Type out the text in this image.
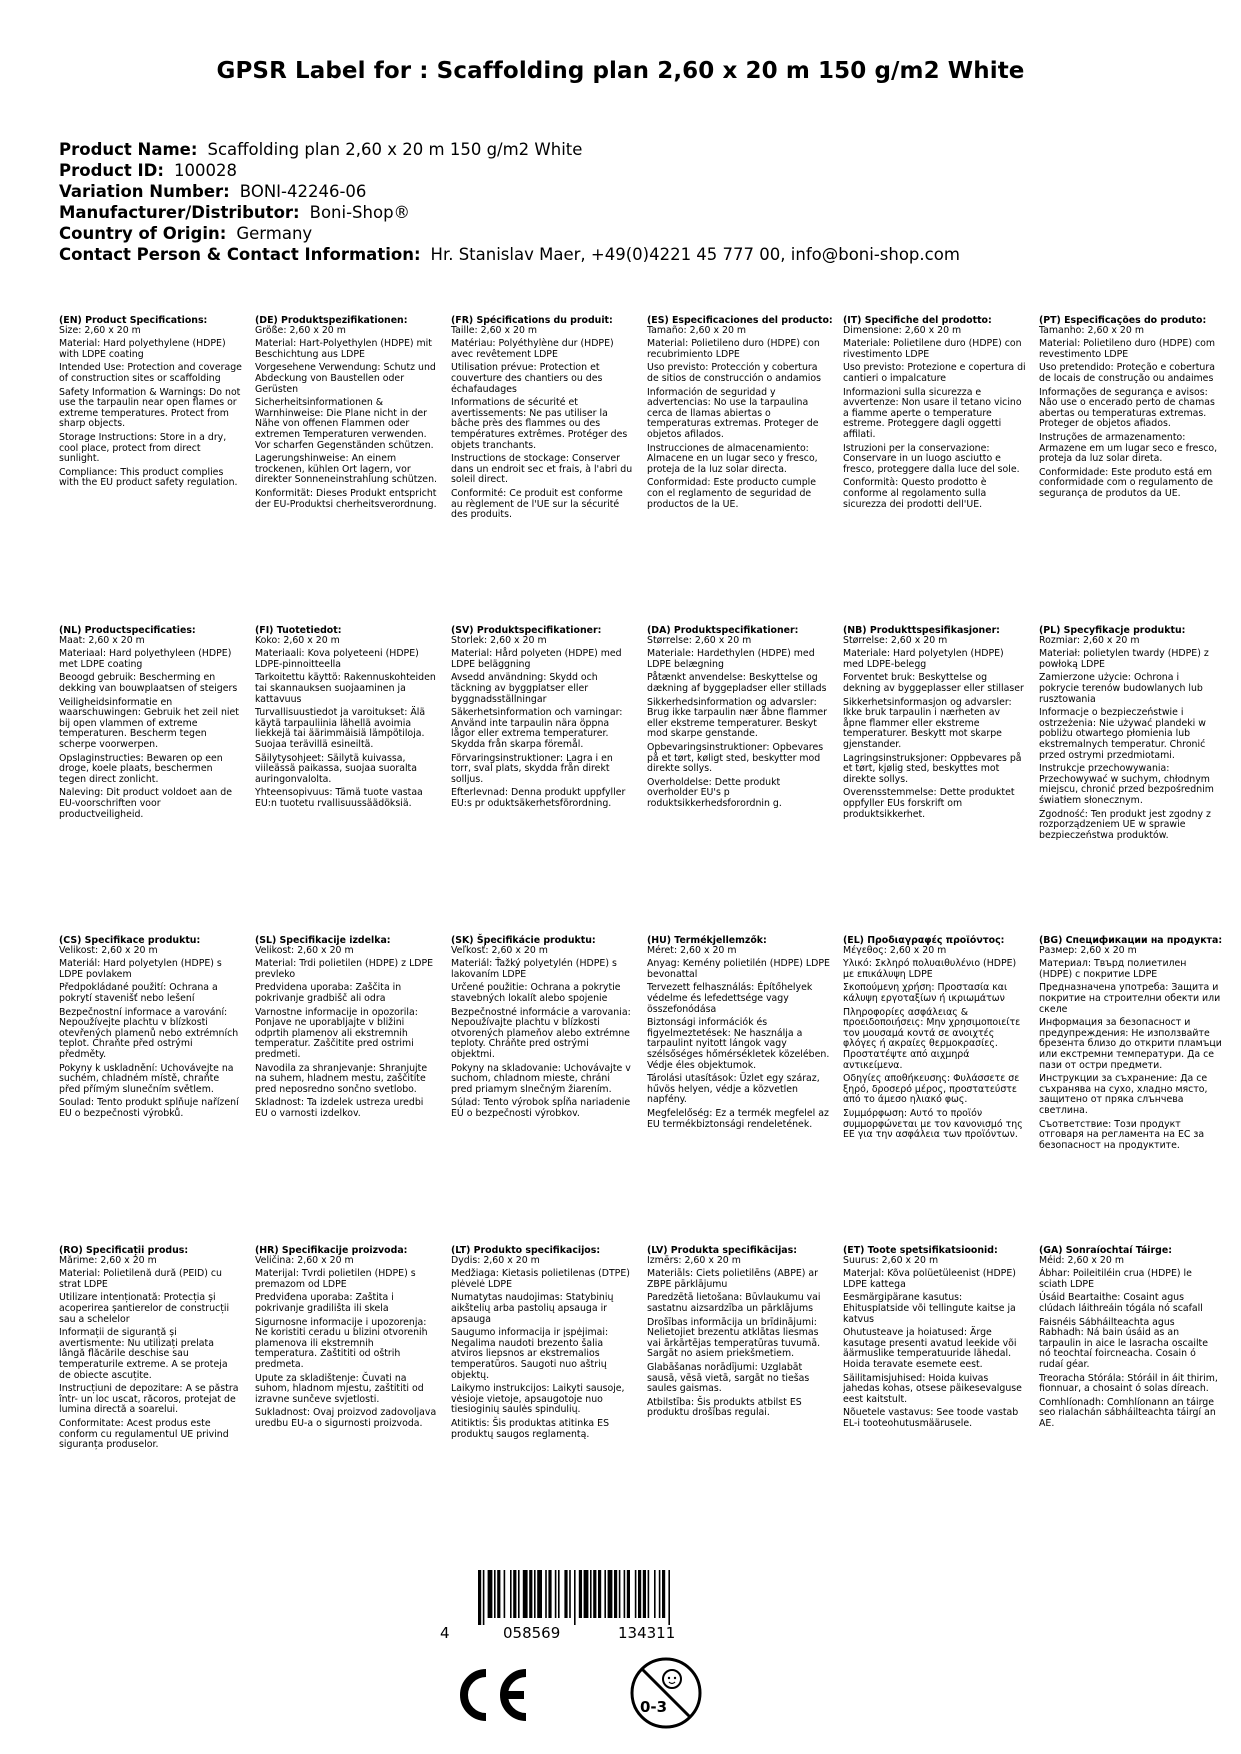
GPSR Label for : Scaffolding plan 2,60 x 20 m 150 g/m2 White
Product Name: Scaffolding plan 2,60 x 20 m 150 g/m2 White
Product ID: 100028
Variation Number: BONI-42246-06
Manufacturer/Distributor: Boni-Shop®
Country of Origin: Germany
Contact Person & Contact Information: Hr. Stanislav Maer, +49(0)4221 45 777 00, info@boni-shop.com
(EN) Product Specifications:

Size: 2,60 x 20 m

Material: Hard polyethylene (HDPE) with LDPE coating

Intended Use: Protection and coverage of construction sites or scaffolding

Safety Information & Warnings: Do not use the tarpaulin near open flames or extreme temperatures. Protect from sharp objects.

Storage Instructions: Store in a dry, cool place, protect from direct sunlight.

Compliance: This product complies with the EU product safety regulation.

(DE) Produktspezifikationen:

Größe: 2,60 x 20 m

Material: Hart-Polyethylen (HDPE) mit Beschichtung aus LDPE

Vorgesehene Verwendung: Schutz und Abdeckung von Baustellen oder Gerüsten

Sicherheitsinformationen & Warnhinweise: Die Plane nicht in der Nähe von offenen Flammen oder extremen Temperaturen verwenden. Vor scharfen Gegenständen schützen.

Lagerungshinweise: An einem trockenen, kühlen Ort lagern, vor direkter Sonneneinstrahlung schützen.

Konformität: Dieses Produkt entspricht der EU-Produktsi cherheitsverordnung.

(FR) Spécifications du produit:

Taille: 2,60 x 20 m

Matériau: Polyéthylène dur (HDPE) avec revêtement LDPE

Utilisation prévue: Protection et couverture des chantiers ou des échafaudages

Informations de sécurité et avertissements: Ne pas utiliser la bâche près des flammes ou des températures extrêmes. Protéger des objets tranchants.

Instructions de stockage: Conserver dans un endroit sec et frais, à l'abri du soleil direct.

Conformité: Ce produit est conforme au règlement de l'UE sur la sécurité des produits.

(ES) Especificaciones del producto:

Tamaño: 2,60 x 20 m

Material: Polietileno duro (HDPE) con recubrimiento LDPE

Uso previsto: Protección y cobertura de sitios de construcción o andamios

Información de seguridad y advertencias: No use la tarpaulina cerca de llamas abiertas o temperaturas extremas. Proteger de objetos afilados.

Instrucciones de almacenamiento: Almacene en un lugar seco y fresco, proteja de la luz solar directa.

Conformidad: Este producto cumple con el reglamento de seguridad de productos de la UE.

(IT) Specifiche del prodotto:

Dimensione: 2,60 x 20 m

Materiale: Polietilene duro (HDPE) con rivestimento LDPE

Uso previsto: Protezione e copertura di cantieri o impalcature

Informazioni sulla sicurezza e avvertenze: Non usare il tetano vicino a fiamme aperte o temperature estreme. Proteggere dagli oggetti affilati.

Istruzioni per la conservazione: Conservare in un luogo asciutto e fresco, proteggere dalla luce del sole.

Conformità: Questo prodotto è conforme al regolamento sulla sicurezza dei prodotti dell'UE.

(PT) Especificações do produto:

Tamanho: 2,60 x 20 m

Material: Polietileno duro (HDPE) com revestimento LDPE

Uso pretendido: Proteção e cobertura de locais de construção ou andaimes

Informações de segurança e avisos: Não use o encerado perto de chamas abertas ou temperaturas extremas. Proteger de objetos afiados.

Instruções de armazenamento: Armazene em um lugar seco e fresco, proteja da luz solar direta.

Conformidade: Este produto está em conformidade com o regulamento de segurança de produtos da UE.

(NL) Productspecificaties:

Maat: 2,60 x 20 m

Materiaal: Hard polyethyleen (HDPE) met LDPE coating

Beoogd gebruik: Bescherming en dekking van bouwplaatsen of steigers

Veiligheidsinformatie en waarschuwingen: Gebruik het zeil niet bij open vlammen of extreme temperaturen. Bescherm tegen scherpe voorwerpen.

Opslaginstructies: Bewaren op een droge, koele plaats, beschermen tegen direct zonlicht.

Naleving: Dit product voldoet aan de EU-voorschriften voor productveiligheid.

(FI) Tuotetiedot:

Koko: 2,60 x 20 m

Materiaali: Kova polyeteeni (HDPE) LDPE-pinnoitteella

Tarkoitettu käyttö: Rakennuskohteiden tai skannauksen suojaaminen ja kattavuus

Turvallisuustiedot ja varoitukset: Älä käytä tarpauliinia lähellä avoimia liekkejä tai äärimmäisiä lämpötiloja. Suojaa terävillä esineiltä.

Säilytysohjeet: Säilytä kuivassa, viileässä paikassa, suojaa suoralta auringonvalolta.

Yhteensopivuus: Tämä tuote vastaa EU:n tuotetu rvallisuussäädöksiä.

(SV) Produktspecifikationer:

Storlek: 2,60 x 20 m

Material: Hård polyeten (HDPE) med LDPE beläggning

Avsedd användning: Skydd och täckning av byggplatser eller byggnadsställningar

Säkerhetsinformation och varningar: Använd inte tarpaulin nära öppna lågor eller extrema temperaturer. Skydda från skarpa föremål.

Förvaringsinstruktioner: Lagra i en torr, sval plats, skydda från direkt solljus.

Efterlevnad: Denna produkt uppfyller EU:s pr oduktsäkerhetsförordning.

(DA) Produktspecifikationer:

Størrelse: 2,60 x 20 m

Materiale: Hardethylen (HDPE) med LDPE belægning

Påtænkt anvendelse: Beskyttelse og dækning af byggepladser eller stillads

Sikkerhedsinformation og advarsler: Brug ikke tarpaulin nær åbne flammer eller ekstreme temperaturer. Beskyt mod skarpe genstande.

Opbevaringsinstruktioner: Opbevares på et tørt, køligt sted, beskytter mod direkte sollys.

Overholdelse: Dette produkt overholder EU's p roduktsikkerhedsforordnin g.

(NB) Produkttspesifikasjoner:

Størrelse: 2,60 x 20 m

Materiale: Hard polyetylen (HDPE) med LDPE-belegg

Forventet bruk: Beskyttelse og dekning av byggeplasser eller stillaser

Sikkerhetsinformasjon og advarsler: Ikke bruk tarpaulin i nærheten av åpne flammer eller ekstreme temperaturer. Beskytt mot skarpe gjenstander.

Lagringsinstruksjoner: Oppbevares på et tørt, kjølig sted, beskyttes mot direkte sollys.

Overensstemmelse: Dette produktet oppfyller EUs forskrift om produktsikkerhet.

(PL) Specyfikacje produktu:

Rozmiar: 2,60 x 20 m

Materiał: polietylen twardy (HDPE) z powłoką LDPE

Zamierzone użycie: Ochrona i pokrycie terenów budowlanych lub rusztowania

Informacje o bezpieczeństwie i ostrzeżenia: Nie używać plandeki w pobliżu otwartego płomienia lub ekstremalnych temperatur. Chronić przed ostrymi przedmiotami.

Instrukcje przechowywania: Przechowywać w suchym, chłodnym miejscu, chronić przed bezpośrednim światłem słonecznym.

Zgodność: Ten produkt jest zgodny z rozporządzeniem UE w sprawie bezpieczeństwa produktów.

(CS) Specifikace produktu:

Velikost: 2,60 x 20 m

Materiál: Hard polyetylen (HDPE) s LDPE povlakem

Předpokládané použití: Ochrana a pokrytí stavenišť nebo lešení

Bezpečnostní informace a varování: Nepoužívejte plachtu v blízkosti otevřených plamenů nebo extrémních teplot. Chraňte před ostrými předměty.

Pokyny k uskladnění: Uchovávejte na suchém, chladném místě, chraňte před přímým slunečním světlem.

Soulad: Tento produkt splňuje nařízení EU o bezpečnosti výrobků.

(SL) Specifikacije izdelka:

Velikost: 2,60 x 20 m

Material: Trdi polietilen (HDPE) z LDPE prevleko

Predvidena uporaba: Zaščita in pokrivanje gradbišč ali odra

Varnostne informacije in opozorila: Ponjave ne uporabljajte v bližini odprtih plamenov ali ekstremnih temperatur. Zaščitite pred ostrimi predmeti.

Navodila za shranjevanje: Shranjujte na suhem, hladnem mestu, zaščitite pred neposredno sončno svetlobo.

Skladnost: Ta izdelek ustreza uredbi EU o varnosti izdelkov.

(SK) Špecifikácie produktu:

Veľkosť: 2,60 x 20 m

Materiál: Ťažký polyetylén (HDPE) s lakovaním LDPE

Určené použitie: Ochrana a pokrytie stavebných lokalít alebo spojenie

Bezpečnostné informácie a varovania: Nepoužívajte plachtu v blízkosti otvorených plameňov alebo extrémne teploty. Chráňte pred ostrými objektmi.

Pokyny na skladovanie: Uchovávajte v suchom, chladnom mieste, chráni pred priamym slnečným žiarením.

Súlad: Tento výrobok spĺňa nariadenie EÚ o bezpečnosti výrobkov.

(HU) Termékjellemzők:

Méret: 2,60 x 20 m

Anyag: Kemény polietilén (HDPE) LDPE bevonattal

Tervezett felhasználás: Építőhelyek védelme és lefedettsége vagy összefonódása

Biztonsági információk és figyelmeztetések: Ne használja a tarpaulint nyitott lángok vagy szélsőséges hőmérsékletek közelében. Védje éles objektumok.

Tárolási utasítások: Üzlet egy száraz, hűvös helyen, védje a közvetlen napfény.

Megfelelőség: Ez a termék megfelel az EU termékbiztonsági rendeletének.

(EL) Προδιαγραφές προϊόντος:

Μέγεθος: 2,60 x 20 m

Υλικό: Σκληρό πολυαιθυλένιο (HDPE) με επικάλυψη LDPE

Σκοπούμενη χρήση: Προστασία και κάλυψη εργοταξίων ή ικριωμάτων

Πληροφορίες ασφάλειας & προειδοποιήσεις: Μην χρησιμοποιείτε τον μουσαμά κοντά σε ανοιχτές φλόγες ή ακραίες θερμοκρασίες. Προστατέψτε από αιχμηρά αντικείμενα.

Οδηγίες αποθήκευσης: Φυλάσσετε σε ξηρό, δροσερό μέρος, προστατεύστε από το άμεσο ηλιακό φως.

Συμμόρφωση: Αυτό το προϊόν συμμορφώνεται με τον κανονισμό της ΕΕ για την ασφάλεια των προϊόντων.

(BG) Спецификации на продукта:

Размер: 2,60 x 20 m

Материал: Твърд полиетилен (HDPE) с покритие LDPE

Предназначена употреба: Защита и покритие на строителни обекти или скеле

Информация за безопасност и предупреждения: Не използвайте брезента близо до открити пламъци или екстремни температури. Да се пази от остри предмети.

Инструкции за съхранение: Да се съхранява на сухо, хладно място, защитено от пряка слънчева светлина.

Съответствие: Този продукт отговаря на регламента на ЕС за безопасност на продуктите.

(RO) Specificații produs:

Mărime: 2,60 x 20 m

Material: Polietilenă dură (PEID) cu strat LDPE

Utilizare intenționată: Protecția și acoperirea șantierelor de construcții sau a schelelor

Informații de siguranță și avertismente: Nu utilizați prelata lângă flăcările deschise sau temperaturile extreme. A se proteja de obiecte ascuțite.

Instrucțiuni de depozitare: A se păstra într- un loc uscat, răcoros, protejat de lumina directă a soarelui.

Conformitate: Acest produs este conform cu regulamentul UE privind siguranța produselor.

(HR) Specifikacije proizvoda:

Veličina: 2,60 x 20 m

Materijal: Tvrdi polietilen (HDPE) s premazom od LDPE

Predviđena uporaba: Zaštita i pokrivanje gradilišta ili skela

Sigurnosne informacije i upozorenja: Ne koristiti ceradu u blizini otvorenih plamenova ili ekstremnih temperatura. Zaštititi od oštrih predmeta.

Upute za skladištenje: Čuvati na suhom, hladnom mjestu, zaštititi od izravne sunčeve svjetlosti.

Sukladnost: Ovaj proizvod zadovoljava uredbu EU-a o sigurnosti proizvoda.

(LT) Produkto specifikacijos:

Dydis: 2,60 x 20 m

Medžiaga: Kietasis polietilenas (DTPE) plėvelė LDPE

Numatytas naudojimas: Statybinių aikštelių arba pastolių apsauga ir apsauga

Saugumo informacija ir įspėjimai: Negalima naudoti brezento šalia atviros liepsnos ar ekstremalios temperatūros. Saugoti nuo aštrių objektų.

Laikymo instrukcijos: Laikyti sausoje, vėsioje vietoje, apsaugotoje nuo tiesioginių saulės spindulių.

Atitiktis: Šis produktas atitinka ES produktų saugos reglamentą.

(LV) Produkta specifikācijas:

Izmērs: 2,60 x 20 m

Materiāls: Ciets polietilēns (ABPE) ar ZBPE pārklājumu

Paredzētā lietošana: Būvlaukumu vai sastatnu aizsardzība un pārklājums

Drošības informācija un brīdinājumi: Nelietojiet brezentu atklātas liesmas vai ārkārtējas temperatūras tuvumā. Sargāt no asiem priekšmetiem.

Glabāšanas norādījumi: Uzglabāt sausā, vēsā vietā, sargāt no tiešas saules gaismas.

Atbilstība: Šis produkts atbilst ES produktu drošības regulai.

(ET) Toote spetsifikatsioonid:

Suurus: 2,60 x 20 m

Materjal: Kõva polüetüleenist (HDPE) LDPE kattega

Eesmärgipärane kasutus: Ehitusplatside või tellingute kaitse ja katvus

Ohutusteave ja hoiatused: Ärge kasutage presenti avatud leekide või äärmuslike temperatuuride lähedal. Hoida teravate esemete eest.

Säilitamisjuhised: Hoida kuivas jahedas kohas, otsese päikesevalguse eest kaitstult.

Nõuetele vastavus: See toode vastab EL-i tooteohutusmäärusele.

(GA) Sonraíochtaí Táirge:

Méid: 2,60 x 20 m

Ábhar: Poileitiléin crua (HDPE) le sciath LDPE

Úsáid Beartaithe: Cosaint agus clúdach láithreáin tógála nó scafall

Faisnéis Sábháilteachta agus Rabhadh: Ná bain úsáid as an tarpaulin in aice le lasracha oscailte nó teochtaí foircneacha. Cosain ó rudaí géar.

Treoracha Stórála: Stóráil in áit thirim, fionnuar, a chosaint ó solas díreach.

Comhlíonadh: Comhlíonann an táirge seo rialachán sábháilteachta táirgí an AE.

4	058569	134311
0-3
